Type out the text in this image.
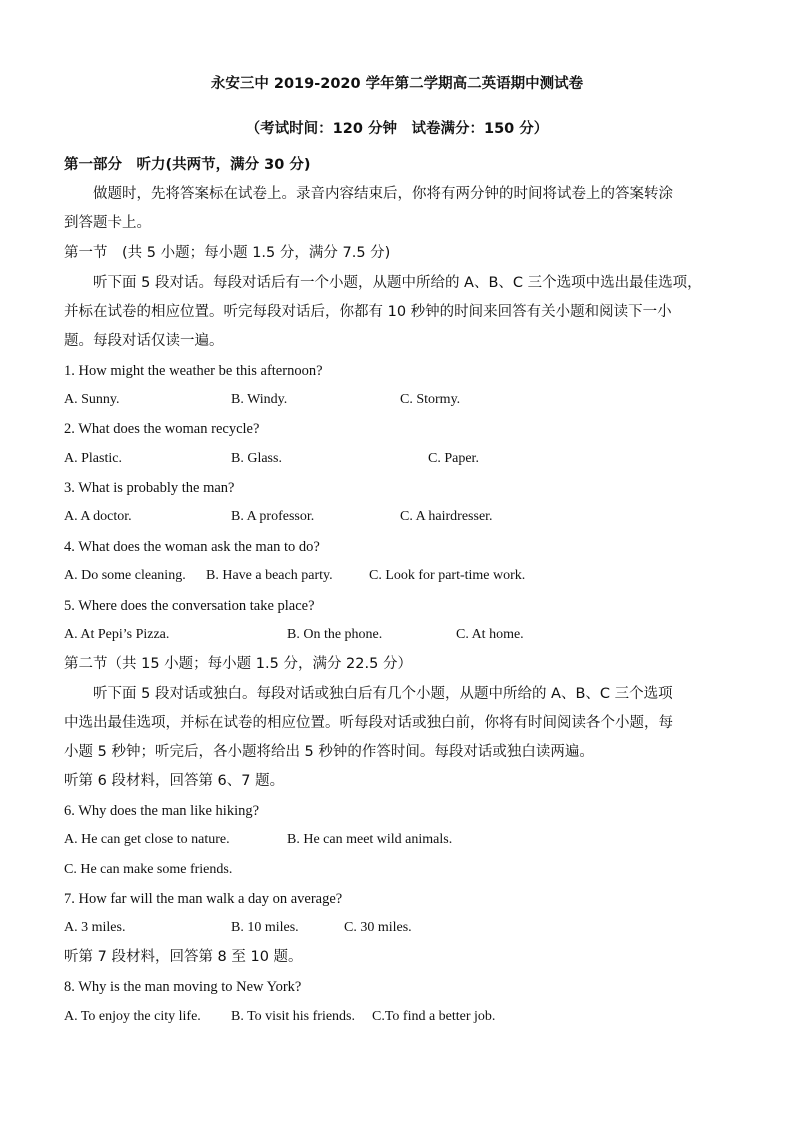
永安三中 2019-2020 学年第二学期高二英语期中测试卷
（考试时间：120 分钟　试卷满分：150 分）
第一部分　听力(共两节，满分 30 分)
　　做题时，先将答案标在试卷上。录音内容结束后，你将有两分钟的时间将试卷上的答案转涂
到答题卡上。
第一节　(共 5 小题；每小题 1.5 分，满分 7.5 分)
　　听下面 5 段对话。每段对话后有一个小题，从题中所给的 A、B、C 三个选项中选出最佳选项，
并标在试卷的相应位置。听完每段对话后，你都有 10 秒钟的时间来回答有关小题和阅读下一小
题。每段对话仅读一遍。
1. How might the weather be this afternoon?
A. Sunny.	B. Windy.	C. Stormy.
2. What does the woman recycle?
A. Plastic.	B. Glass.	C. Paper.
3. What is probably the man?
A. A doctor.	B. A professor.	C. A hairdresser.
4. What does the woman ask the man to do?
A. Do some cleaning. B. Have a beach party.	C. Look for part-time work.
5. Where does the conversation take place?
A. At Pepi’s Pizza.	B. On the phone.	C. At home.
第二节（共 15 小题；每小题 1.5 分，满分 22.5 分）
　　听下面 5 段对话或独白。每段对话或独白后有几个小题，从题中所给的 A、B、C 三个选项
中选出最佳选项，并标在试卷的相应位置。听每段对话或独白前，你将有时间阅读各个小题，每
小题 5 秒钟；听完后，各小题将给出 5 秒钟的作答时间。每段对话或独白读两遍。
听第 6 段材料，回答第 6、7 题。
6. Why does the man like hiking?
A. He can get close to nature.	B. He can meet wild animals.
C. He can make some friends.
7. How far will the man walk a day on average?
A. 3 miles.	B. 10 miles.	C. 30 miles.
听第 7 段材料，回答第 8 至 10 题。
8. Why is the man moving to New York?
A. To enjoy the city life. B. To visit his friends. C.To find a better job.
